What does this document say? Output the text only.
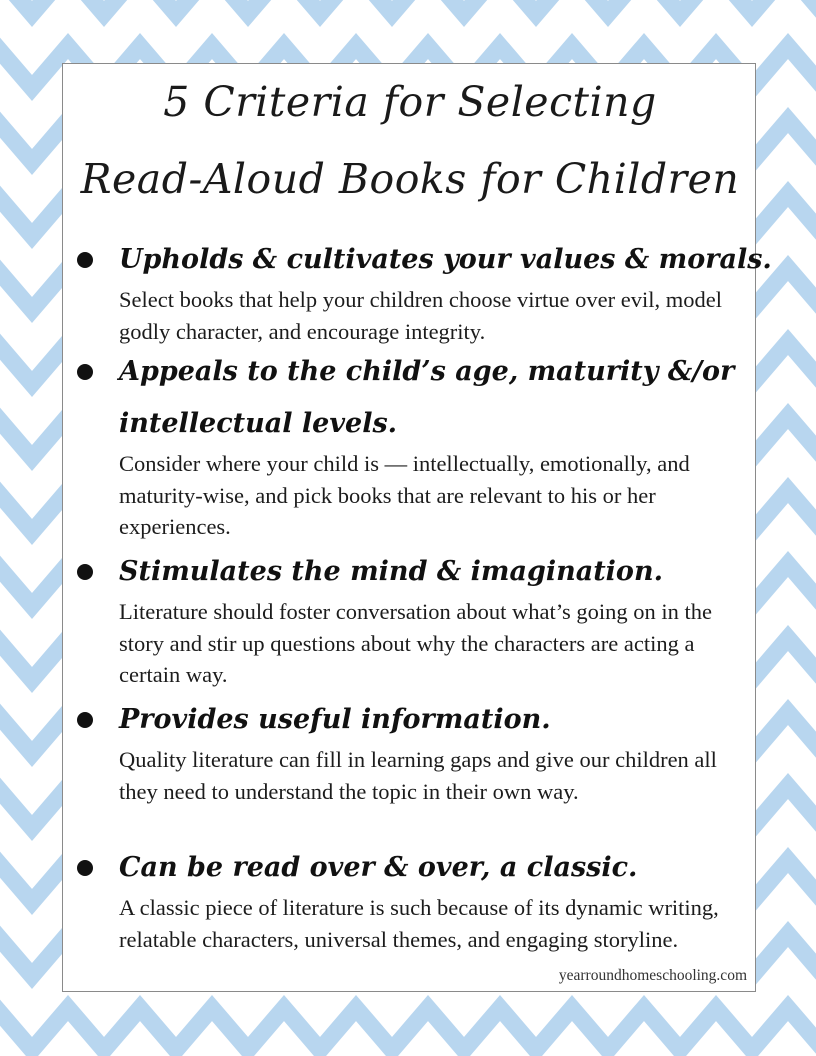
5 Criteria for Selecting
Read-Aloud Books for Children
Upholds & cultivates your values & morals.
Select books that help your children choose virtue over evil, model godly character, and encourage integrity.
Appeals to the child’s age, maturity &/or
intellectual levels.
Consider where your child is — intellectually, emotionally, and maturity-wise, and pick books that are relevant to his or her experiences.
Stimulates the mind & imagination.
Literature should foster conversation about what’s going on in the story and stir up questions about why the characters are acting a certain way.
Provides useful information.
Quality literature can fill in learning gaps and give our children all they need to understand the topic in their own way.
Can be read over & over, a classic.
A classic piece of literature is such because of its dynamic writing, relatable characters, universal themes, and engaging storyline.
yearroundhomeschooling.com
